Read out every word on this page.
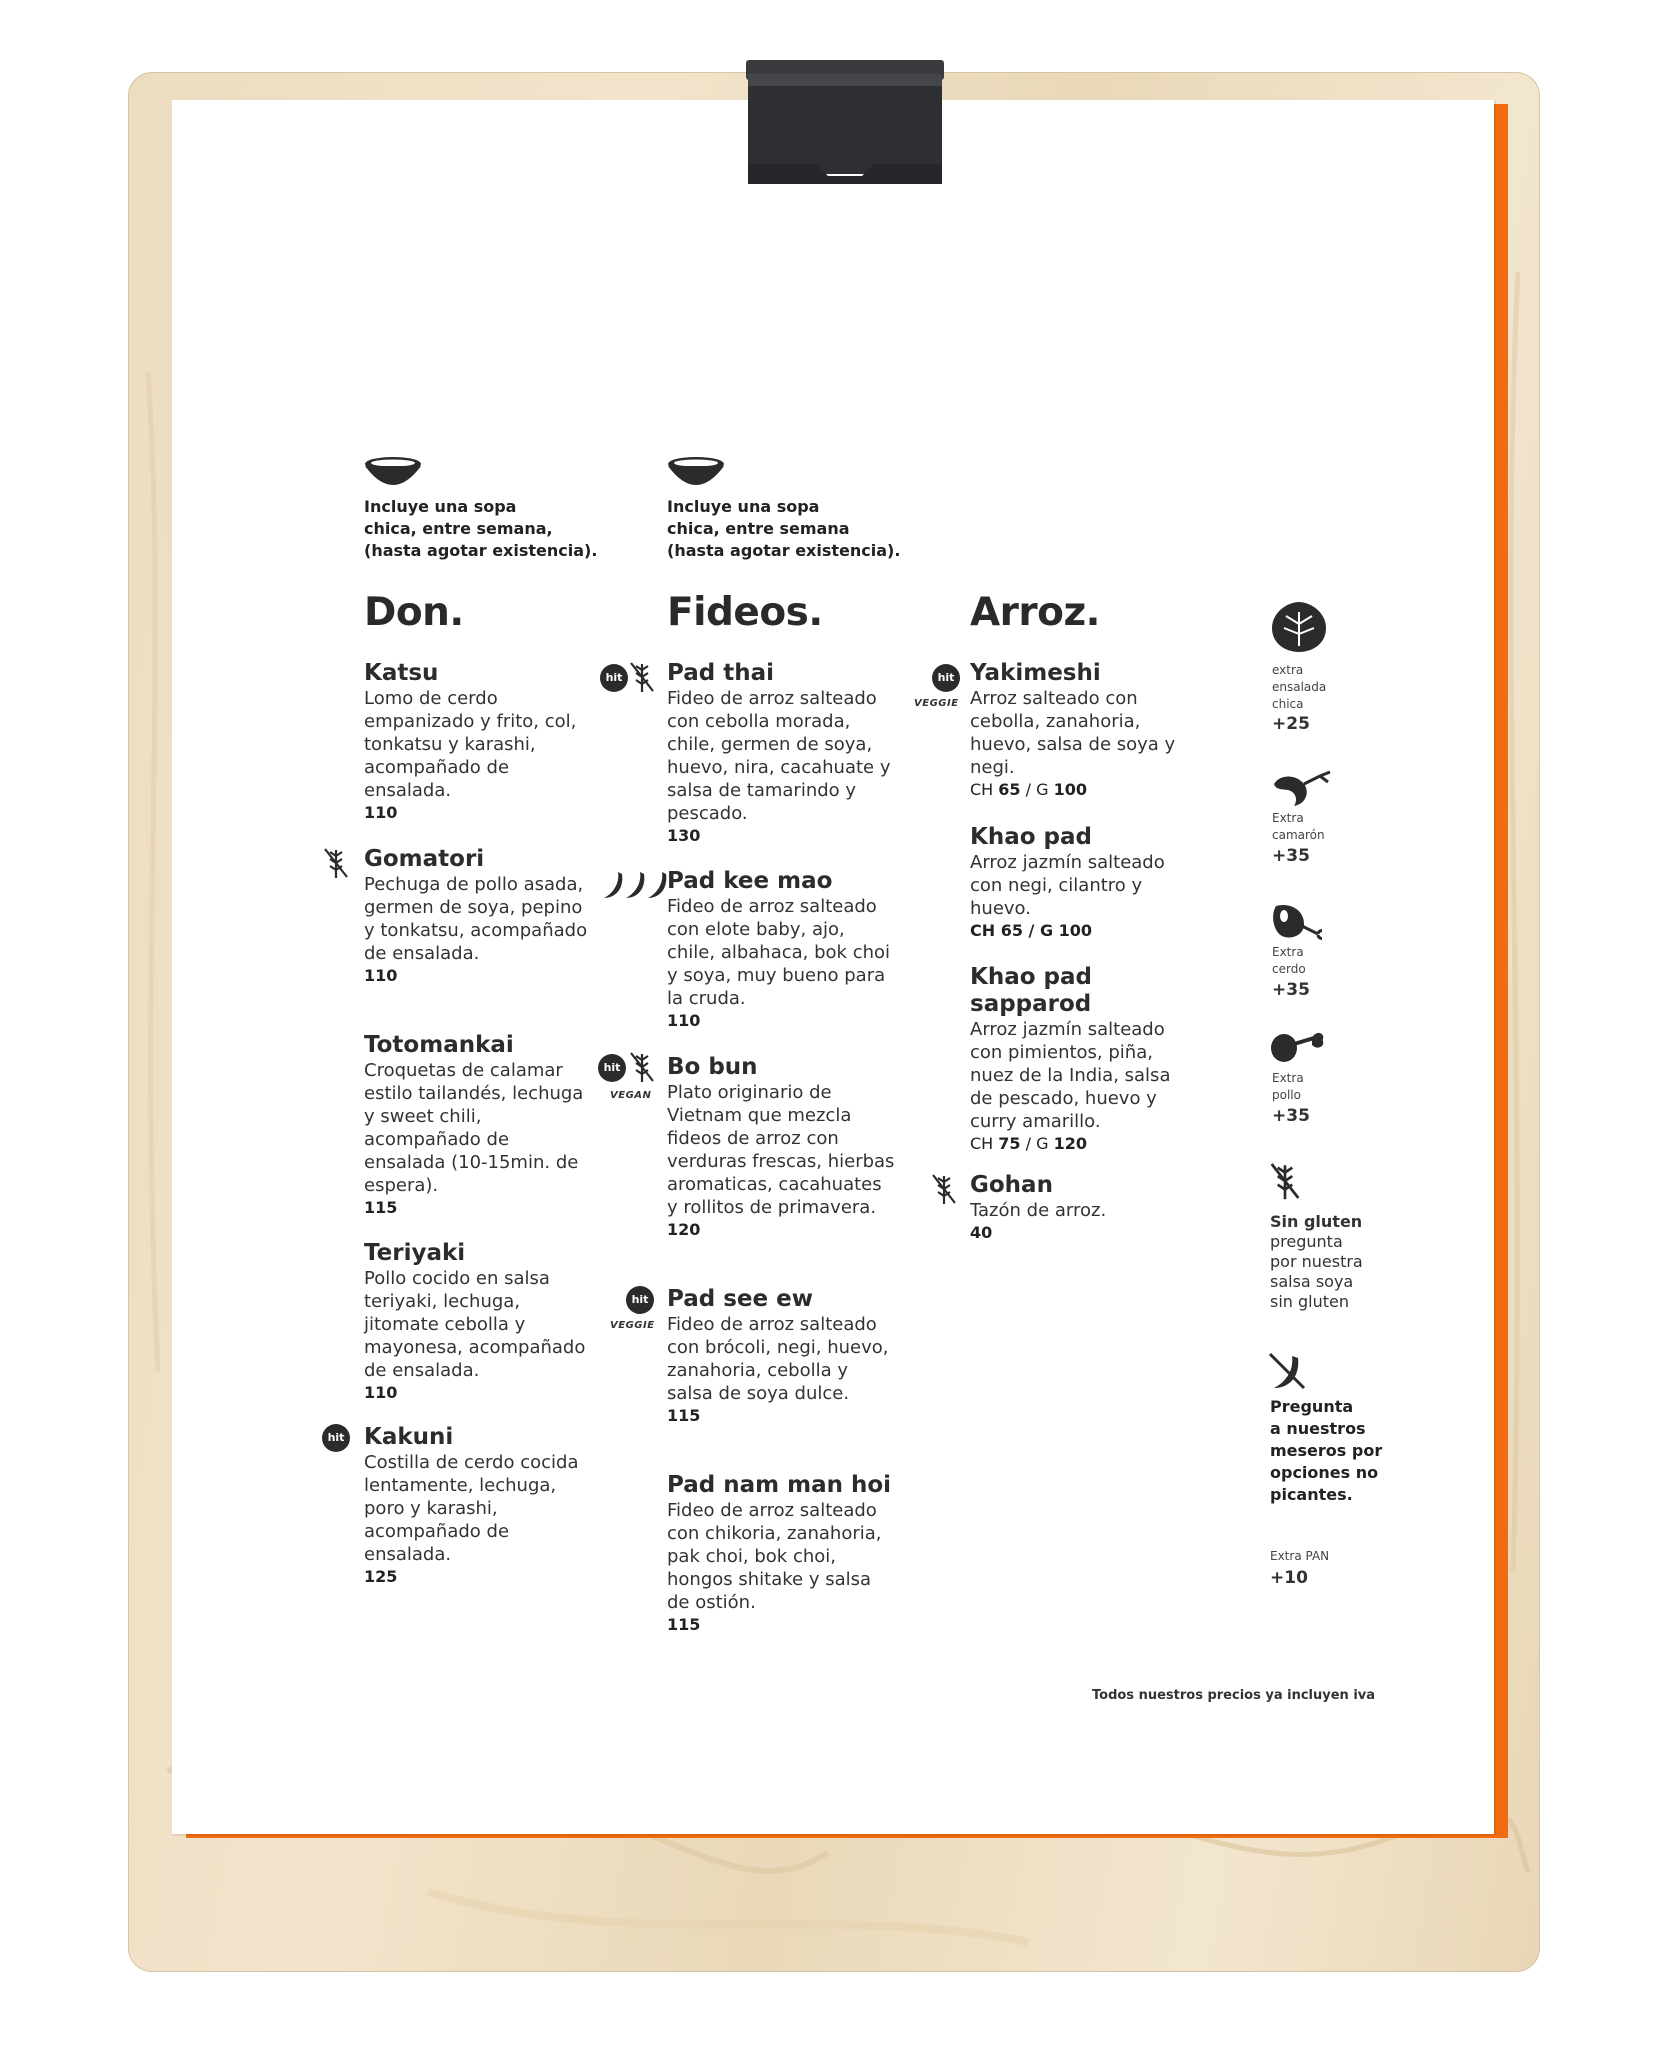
Incluye una sopa
chica, entre semana,
(hasta agotar existencia).
Incluye una sopa
chica, entre semana
(hasta agotar existencia).
Don.	Fideos.	Arroz.
Katsu
Lomo de cerdo empanizado y frito, col, tonkatsu y karashi, acompañado de ensalada.
110
Gomatori
Pechuga de pollo asada, germen de soya, pepino y tonkatsu, acompañado de ensalada.
110
Totomankai
Croquetas de calamar estilo tailandés, lechuga y sweet chili, acompañado de ensalada (10-15min. de espera).
115
Teriyaki
Pollo cocido en salsa teriyaki, lechuga, jitomate cebolla y mayonesa, acompañado de ensalada.
110
hit Kakuni
Costilla de cerdo cocida lentamente, lechuga, poro y karashi, acompañado de ensalada.
125
hit Pad thai
Fideo de arroz salteado con cebolla morada, chile, germen de soya, huevo, nira, cacahuate y salsa de tamarindo y pescado.
130
Pad kee mao
Fideo de arroz salteado con elote baby, ajo, chile, albahaca, bok choi y soya, muy bueno para la cruda.
110
hit
VEGAN
Bo bun
Plato originario de Vietnam que mezcla fideos de arroz con verduras frescas, hierbas aromaticas, cacahuates y rollitos de primavera.
120
hit
VEGGIE
Pad see ew
Fideo de arroz salteado con brócoli, negi, huevo, zanahoria, cebolla y salsa de soya dulce.
115
Pad nam man hoi
Fideo de arroz salteado con chikoria, zanahoria, pak choi, bok choi, hongos shitake y salsa de ostión.
115
hit
VEGGIE
Yakimeshi
Arroz salteado con cebolla, zanahoria, huevo, salsa de soya y negi.
CH 65 / G 100
Khao pad
Arroz jazmín salteado con negi, cilantro y huevo.
CH 65 / G 100
Khao pad sapparod
Arroz jazmín salteado con pimientos, piña, nuez de la India, salsa de pescado, huevo y curry amarillo.
CH 75 / G 120
Gohan
Tazón de arroz.
40
extra
ensalada
chica
+25
Extra
camarón
+35
Extra
cerdo
+35
Extra
pollo
+35
Sin gluten
pregunta
por nuestra
salsa soya
sin gluten
Pregunta
a nuestros
meseros por
opciones no
picantes.
Extra PAN
+10
Todos nuestros precios ya incluyen iva
